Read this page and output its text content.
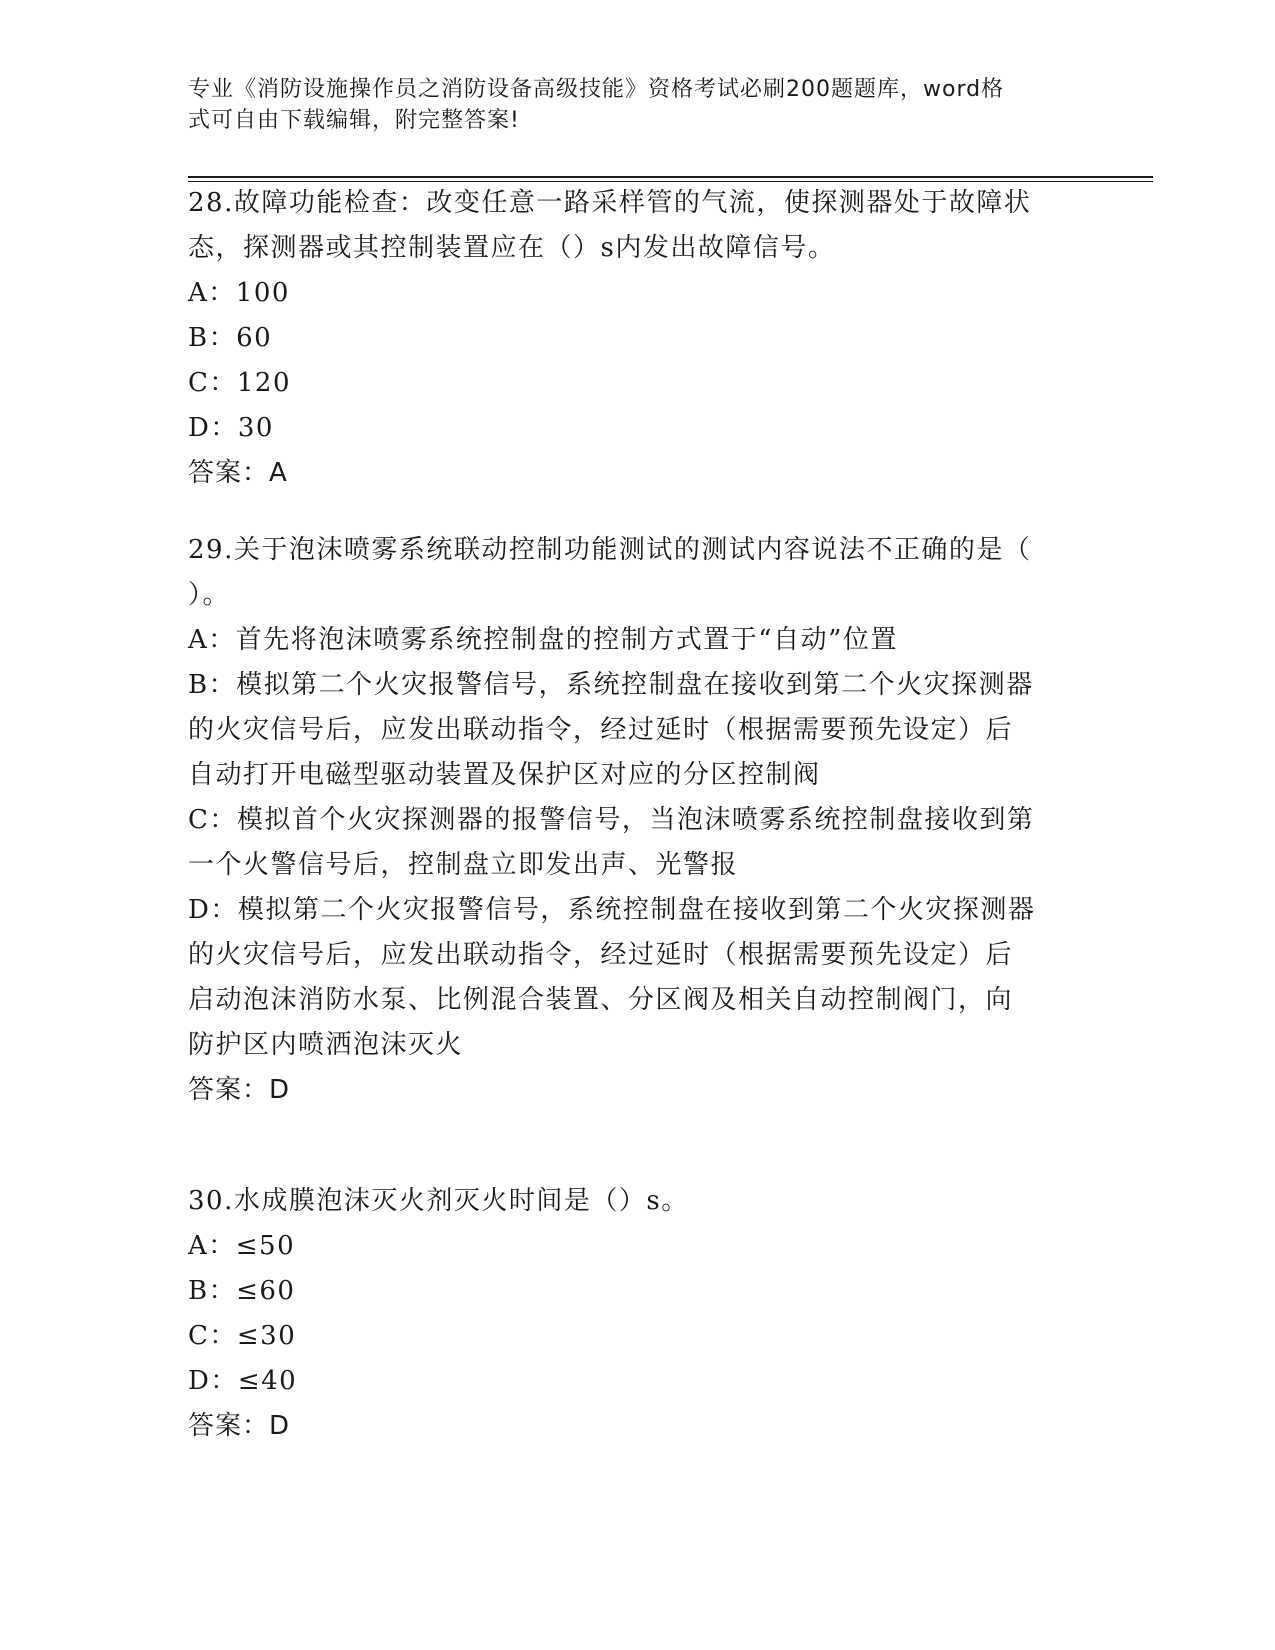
专业《消防设施操作员之消防设备高级技能》资格考试必刷200题题库，word格
式可自由下载编辑，附完整答案!
28.故障功能检查：改变任意一路采样管的气流，使探测器处于故障状
态，探测器或其控制装置应在（）s内发出故障信号。
A：100
B：60
C：120
D：30
答案：A
29.关于泡沫喷雾系统联动控制功能测试的测试内容说法不正确的是（
）。
A：首先将泡沫喷雾系统控制盘的控制方式置于“自动”位置
B：模拟第二个火灾报警信号，系统控制盘在接收到第二个火灾探测器
的火灾信号后，应发出联动指令，经过延时（根据需要预先设定）后
自动打开电磁型驱动装置及保护区对应的分区控制阀
C：模拟首个火灾探测器的报警信号，当泡沫喷雾系统控制盘接收到第
一个火警信号后，控制盘立即发出声、光警报
D：模拟第二个火灾报警信号，系统控制盘在接收到第二个火灾探测器
的火灾信号后，应发出联动指令，经过延时（根据需要预先设定）后
启动泡沫消防水泵、比例混合装置、分区阀及相关自动控制阀门，向
防护区内喷洒泡沫灭火
答案：D
30.水成膜泡沫灭火剂灭火时间是（）s。
A：≤50
B：≤60
C：≤30
D：≤40
答案：D
